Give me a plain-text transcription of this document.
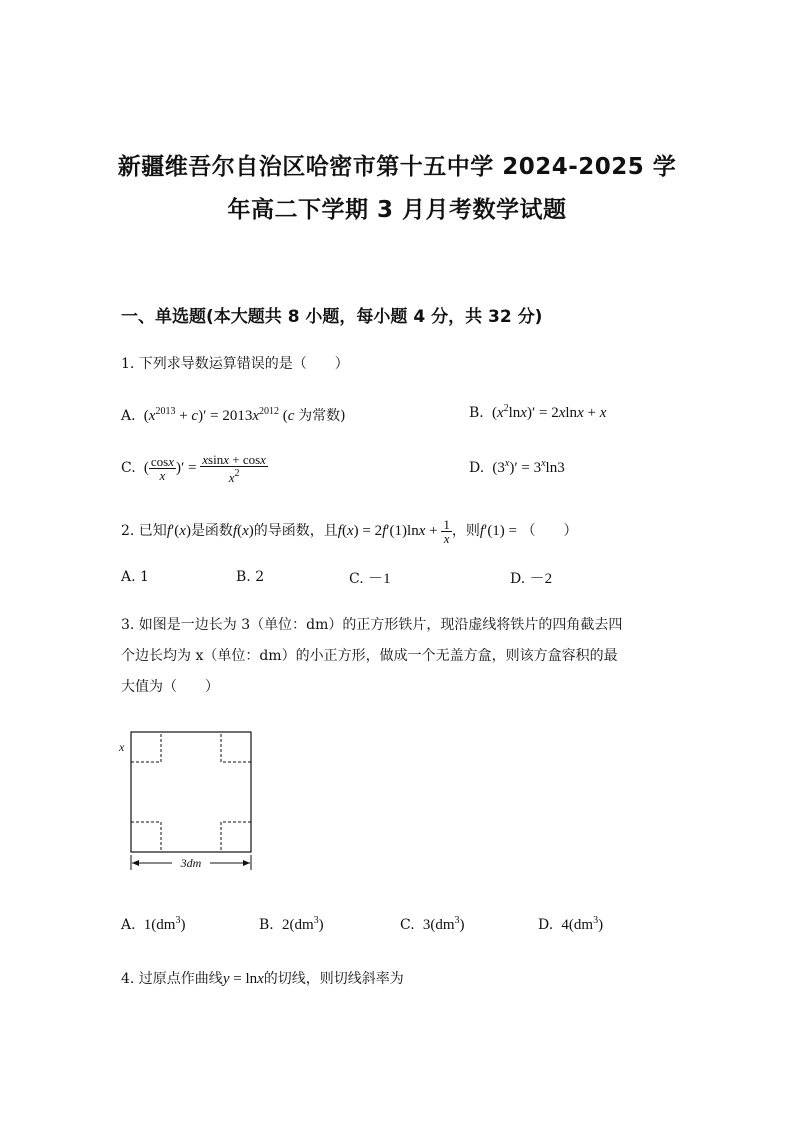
新疆维吾尔自治区哈密市第十五中学 2024-2025 学
年高二下学期 3 月月考数学试题
一、单选题(本大题共 8 小题，每小题 4 分，共 32 分)
1. 下列求导数运算错误的是（　　）
A.  $(x^{2013} + c)' = 2013x^{2012}$ (c 为常数)	B.  $(x^2\ln x)' = 2xlnx + x$
C.  ( $\frac{\cos x}{x}$ )′ = $\frac{xsinx + \cos x}{x^2}$	D.  $(3^x)' = 3^x\ln 3$
2. 已知f′(x)是函数f(x)的导函数，且$f(x) = 2f'(1)\ln x + \frac{1}{x}$ ，则f′(1) = （　　）
A. 1	B. 2	C. －1	D. －2
3. 如图是一边长为 3（单位：dm）的正方形铁片，现沿虚线将铁片的四角截去四
个边长均为 x（单位：dm）的小正方形，做成一个无盖方盒，则该方盒容积的最
大值为（　　）
x
3dm
A. $1(dm^3)$	B. $2(dm^3)$	C. $3(dm^3)$	D. $4(dm^3)$
4. 过原点作曲线y = lnx的切线，则切线斜率为
